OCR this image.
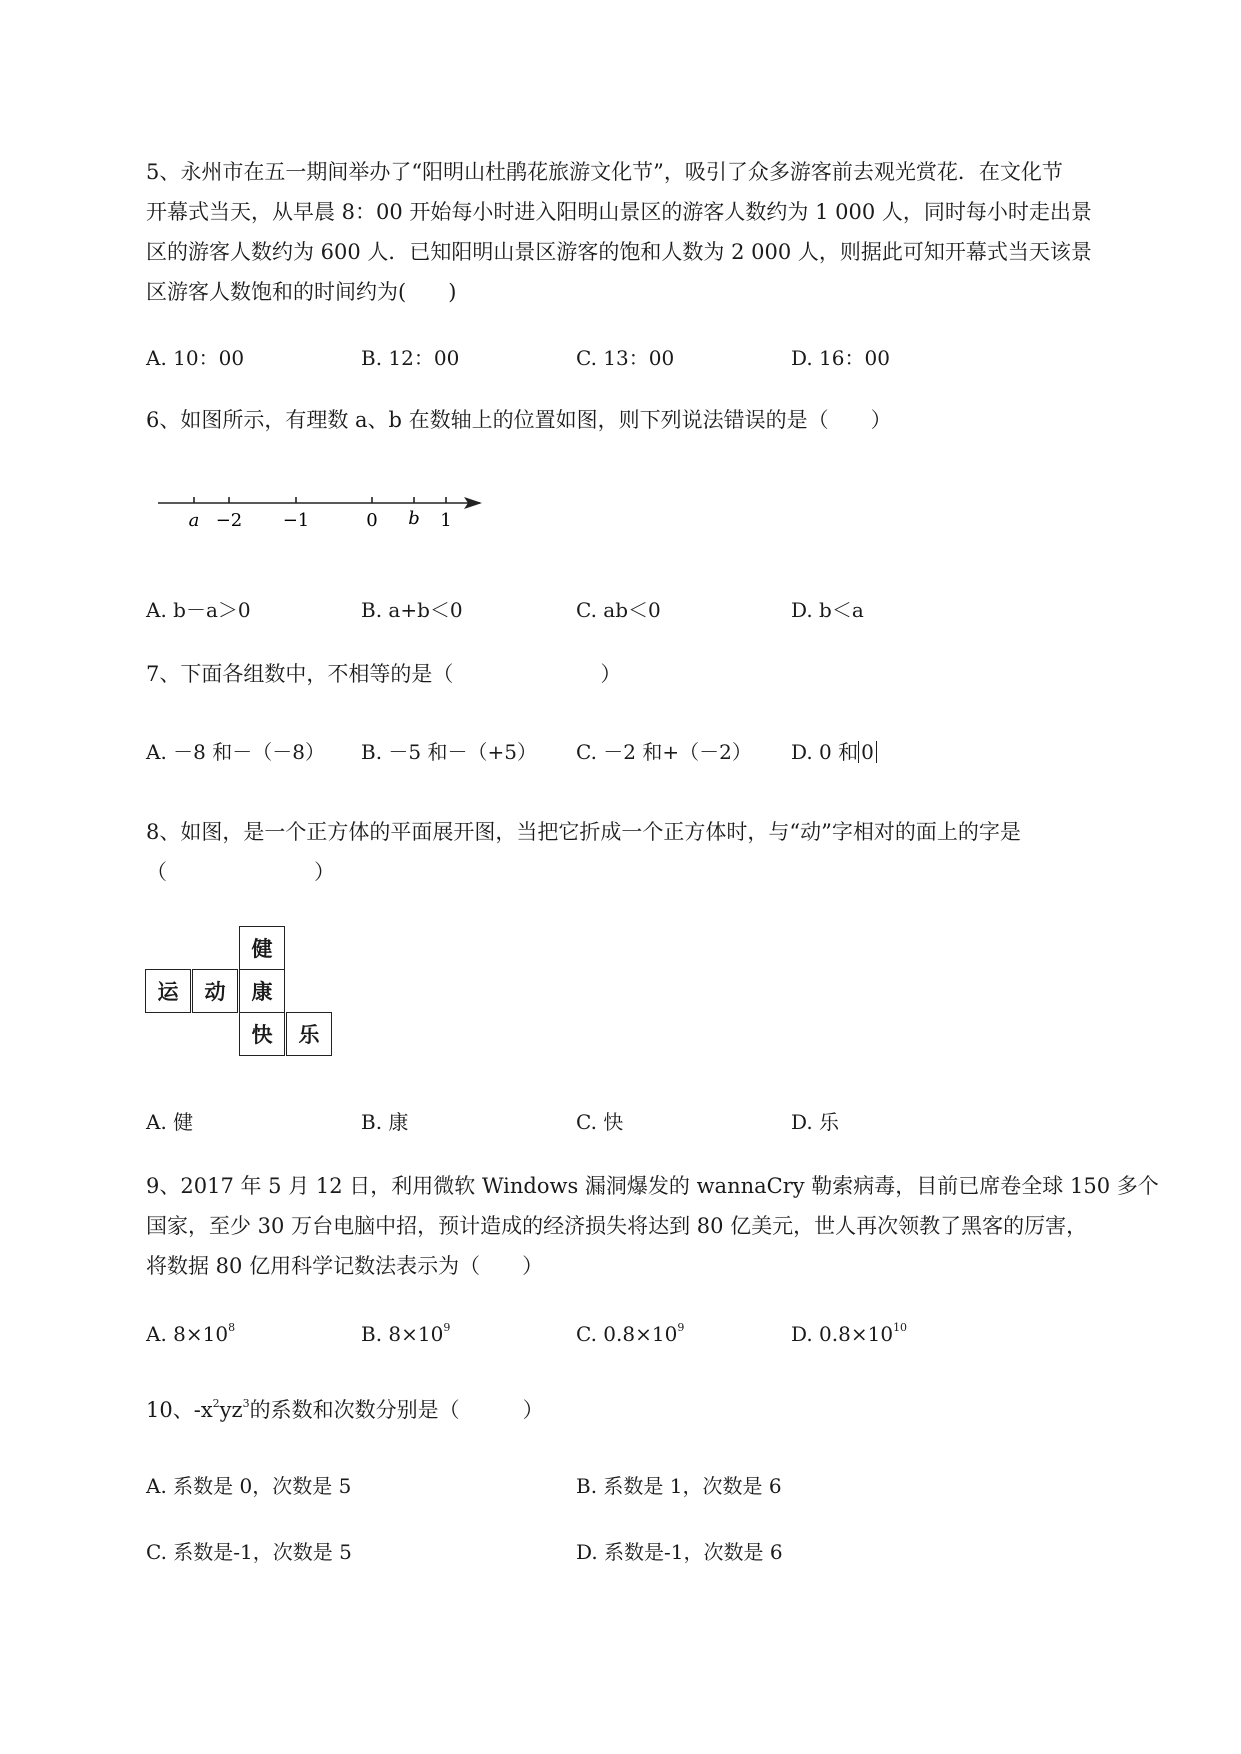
5、永州市在五一期间举办了“阳明山杜鹃花旅游文化节”，吸引了众多游客前去观光赏花．在文化节
开幕式当天，从早晨 8：00 开始每小时进入阳明山景区的游客人数约为 1 000 人，同时每小时走出景
区的游客人数约为 600 人．已知阳明山景区游客的饱和人数为 2 000 人，则据此可知开幕式当天该景
区游客人数饱和的时间约为(　　)
A. 10：00	B. 12：00	C. 13：00	D. 16：00
6、如图所示，有理数 a、b 在数轴上的位置如图，则下列说法错误的是（　　）
a −2 −1	0 b 1
A. b－a＞0	B. a+b＜0	C. ab＜0	D. b＜a
7、下面各组数中，不相等的是（　　　　　　　）
A. －8 和－（－8） B. －5 和－（+5） C. －2 和+（－2） D. 0 和 0
8、如图，是一个正方体的平面展开图，当把它折成一个正方体时，与“动”字相对的面上的字是
（　　　　　　　）
健
运	动	康
快	乐
A. 健	B. 康	C. 快	D. 乐
9、2017 年 5 月 12 日，利用微软 Windows 漏洞爆发的 wannaCry 勒索病毒，目前已席卷全球 150 多个
国家，至少 30 万台电脑中招，预计造成的经济损失将达到 80 亿美元，世人再次领教了黑客的厉害，
将数据 80 亿用科学记数法表示为（　　）
A. $8\times 10^8$	B. $8\times 10^9$	C. $0.8\times 10^9$	D. $0.8\times 10^{10}$
10、$-x^2yz^3$的系数和次数分别是（　　　）
A. 系数是 0，次数是 5	B. 系数是 1，次数是 6
C. 系数是-1，次数是 5	D. 系数是-1，次数是 6
